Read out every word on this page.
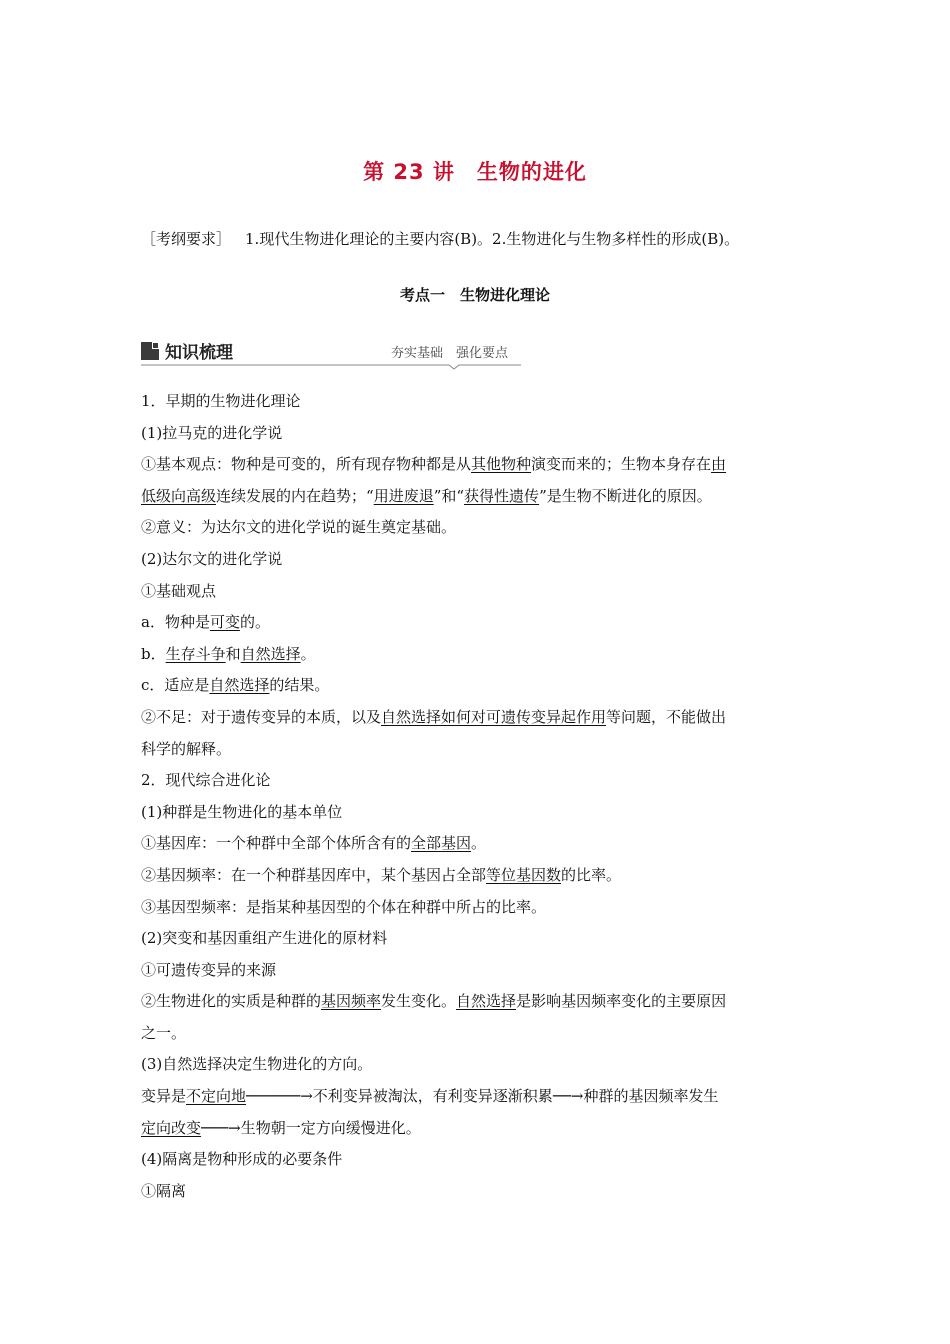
第 23 讲　生物的进化
［考纲要求］ 1.现代生物进化理论的主要内容(B)。2.生物进化与生物多样性的形成(B)。
考点一　生物进化理论
知识梳理	夯实基础　强化要点

1．早期的生物进化理论

(1)拉马克的进化学说

①基本观点：物种是可变的，所有现存物种都是从其他物种演变而来的；生物本身存在由

低级向高级连续发展的内在趋势；“用进废退”和“获得性遗传”是生物不断进化的原因。

②意义：为达尔文的进化学说的诞生奠定基础。

(2)达尔文的进化学说

①基础观点

a．物种是可变的。

b．生存斗争和自然选择。

c．适应是自然选择的结果。

②不足：对于遗传变异的本质，以及自然选择如何对可遗传变异起作用等问题，不能做出

科学的解释。

2．现代综合进化论

(1)种群是生物进化的基本单位

①基因库：一个种群中全部个体所含有的全部基因。

②基因频率：在一个种群基因库中，某个基因占全部等位基因数的比率。

③基因型频率：是指某种基因型的个体在种群中所占的比率。

(2)突变和基因重组产生进化的原材料

①可遗传变异的来源

②生物进化的实质是种群的基因频率发生变化。自然选择是影响基因频率变化的主要原因

之一。

(3)自然选择决定生物进化的方向。

变异是不定向地──────→不利变异被淘汰，有利变异逐渐积累──→种群的基因频率发生

定向改变───→生物朝一定方向缓慢进化。

(4)隔离是物种形成的必要条件

①隔离
